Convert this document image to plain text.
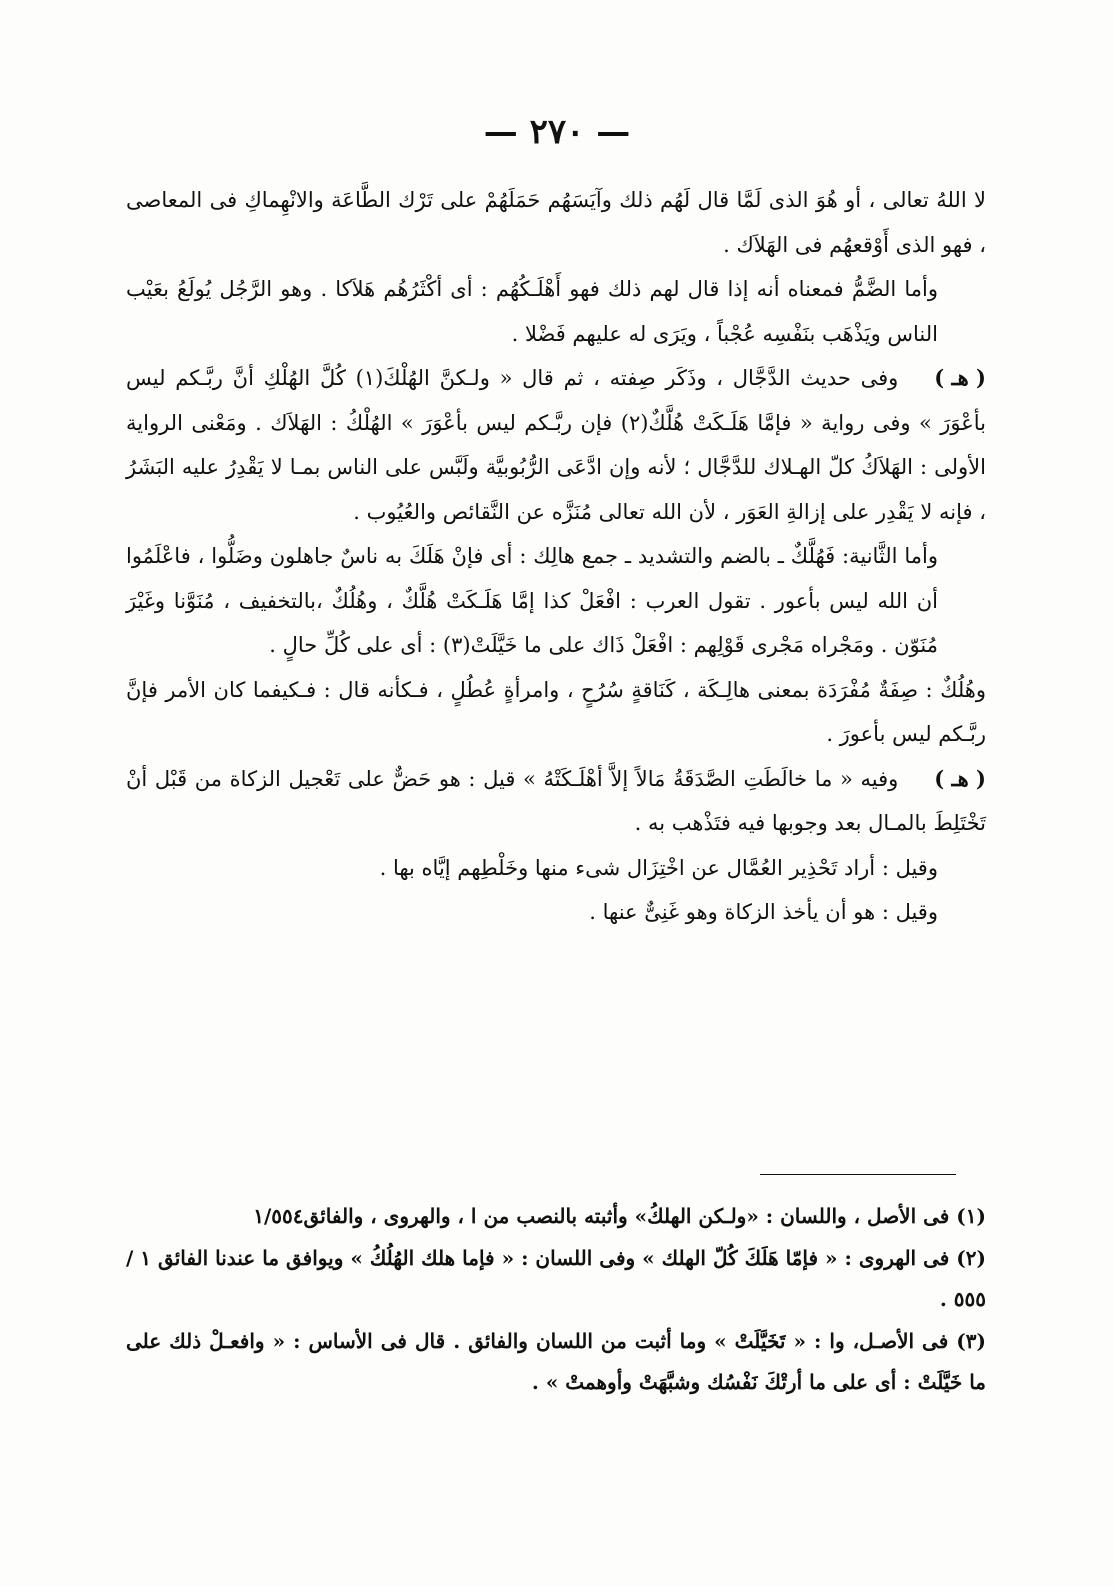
— ٢٧٠ —

لا اللهُ تعالى ، أو هُوَ الذى لَمَّا قال لَهُم ذلك وآيَسَهُم حَمَلَهُمْ على تَرْك الطَّاعَة والانْهِماكِ فى المعاصى ، فهو الذى أَوْقعهُم فى الهَلاَك .

وأما الضَّمُّ فمعناه أنه إذا قال لهم ذلك فهو أَهْلَـكُهُم : أى أكْثَرُهُم هَلاَكا . وهو الرَّجُل يُولَعُ بعَيْب الناس ويَذْهَب بنَفْسِه عُجْباً ، ويَرَى له عليهم فَضْلا .

( هـ )وفى حديث الدَّجَّال ، وذَكَر صِفته ، ثم قال « ولـكنَّ الهُلْكَ(١) كُلَّ الهُلْكِ أنَّ ربَّـكم ليس بأعْوَرَ » وفى رواية « فإمَّا هَلَـكَتْ هُلَّكٌ(٢) فإن ربَّـكم ليس بأعْوَرَ » الهُلْكُ : الهَلاَك . ومَعْنى الرواية الأولى : الهَلاَكُ كلّ الهـلاك للدَّجَّال ؛ لأنه وإن ادَّعَى الرُّبُوبيَّة ولَبَّس على الناس بمـا لا يَقْدِرُ عليه البَشَرُ ، فإنه لا يَقْدِر على إزالةِ العَوَر ، لأن الله تعالى مُنَزَّه عن النَّقائص والعُيُوب .

وأما الثَّانية: فَهُلَّكٌ ـ بالضم والتشديد ـ جمع هالِك : أى فإنْ هَلَكَ به ناسٌ جاهلون وضَلُّوا ، فاعْلَمُوا أن الله ليس بأعور . تقول العرب : افْعَلْ كذا إمَّا هَلَـكَتْ هُلَّكٌ ، وهُلُكٌ ،بالتخفيف ، مُنَوَّنا وغَيْرَ مُنَوّن . ومَجْراه مَجْرى قَوْلِهم : افْعَلْ ذَاك على ما خَيَّلَتْ(٣) : أى على كُلِّ حالٍ .

وهُلُكٌ : صِفَةٌ مُفْرَدَة بمعنى هالِـكَة ، كَنَاقةٍ سُرُحٍ ، وامرأةٍ عُطُلٍ ، فـكأنه قال : فـكيفما كان الأمر فإنَّ ربَّـكم ليس بأعورَ .

( هـ )وفيه « ما خالَطَتِ الصَّدَقَةُ مَالاً إلاَّ أهْلَـكَتْهُ » قيل : هو حَضٌّ على تَعْجيل الزكاة من قَبْل أنْ تَخْتَلِطَ بالمـال بعد وجوبها فيه فتَذْهب به .

وقيل : أراد تَحْذِير العُمَّال عن اخْتِزَال شىء منها وخَلْطِهم إيَّاه بها .

وقيل : هو أن يأخذ الزكاة وهو غَنِىٌّ عنها .

(١) فى الأصل ، واللسان : «ولـكن الهلكُ» وأثبته بالنصب من ا ، والهروى ، والفائق١/٥٥٤

(٢) فى الهروى : « فإمّا هَلَكَ كُلّ الهلك » وفى اللسان : « فإما هلك الهُلُكُ » ويوافق ما عندنا الفائق ١ / ٥٥٥ .

(٣) فى الأصـل، وا : « تَخَيَّلَتْ » وما أثبت من اللسان والفائق . قال فى الأساس : « وافعـلْ ذلك على ما خَيَّلَتْ : أى على ما أرتْكَ نَفْسُك وشبَّهَتْ وأوهمتْ » .
